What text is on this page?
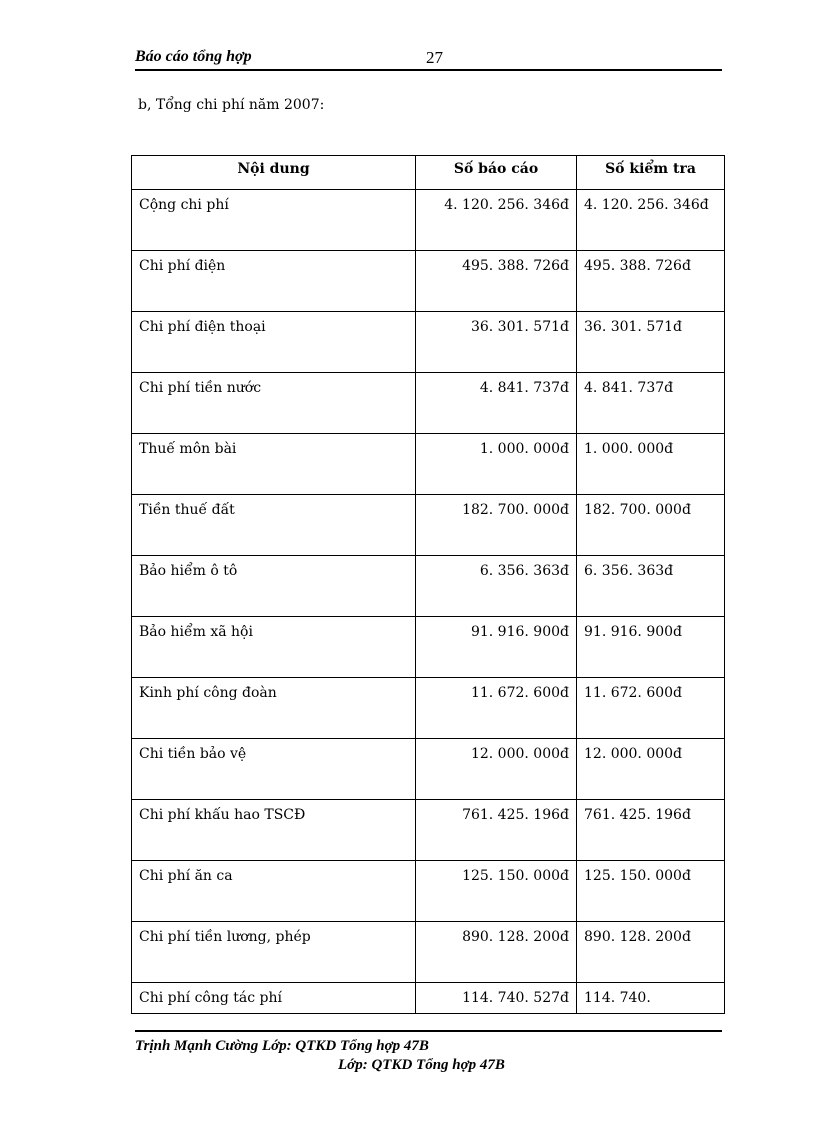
Báo cáo tổng hợp	27
b, Tổng chi phí năm 2007:
Nội dung	Số báo cáo	Số kiểm tra
Cộng chi phí	4. 120. 256. 346đ	4. 120. 256. 346đ
Chi phí điện	495. 388. 726đ	495. 388. 726đ
Chi phí điện thoại	36. 301. 571đ	36. 301. 571đ
Chi phí tiền nước	4. 841. 737đ	4. 841. 737đ
Thuế môn bài	1. 000. 000đ	1. 000. 000đ
Tiền thuế đất	182. 700. 000đ	182. 700. 000đ
Bảo hiểm ô tô	6. 356. 363đ	6. 356. 363đ
Bảo hiểm xã hội	91. 916. 900đ	91. 916. 900đ
Kinh phí công đoàn	11. 672. 600đ	11. 672. 600đ
Chi tiền bảo vệ	12. 000. 000đ	12. 000. 000đ
Chi phí khấu hao TSCĐ	761. 425. 196đ	761. 425. 196đ
Chi phí ăn ca	125. 150. 000đ	125. 150. 000đ
Chi phí tiền lương, phép	890. 128. 200đ	890. 128. 200đ
Chi phí công tác phí	114. 740. 527đ	114. 740.
Trịnh Mạnh Cường Lớp: QTKD Tổng hợp 47B
Lớp: QTKD Tổng hợp 47B
